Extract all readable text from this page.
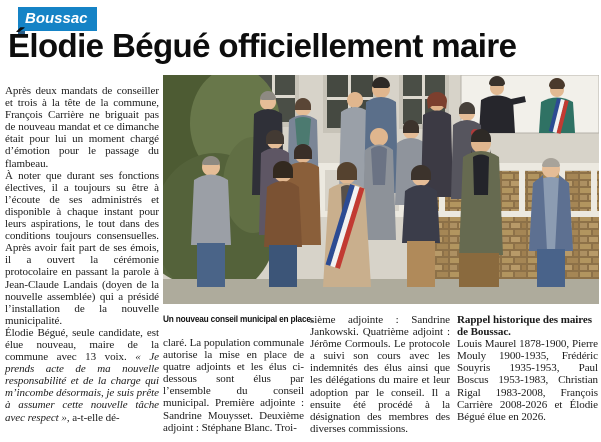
Boussac
Élodie Bégué officiellement maire

Après deux mandats de conseiller et trois à la tête de la commune, François Carrière ne briguait pas de nouveau mandat et ce dimanche était pour lui un moment chargé d’émotion pour le passage du flambeau.

À noter que durant ses fonctions électives, il a toujours su être à l’écoute de ses administrés et disponible à chaque instant pour leurs aspirations, le tout dans des conditions toujours consensuelles. Après avoir fait part de ses émois, il a ouvert la cérémonie protocolaire en passant la parole à Jean-Claude Landais (doyen de la nouvelle assemblée) qui a présidé l’installation de la nouvelle municipalité.

Élodie Bégué, seule candidate, est élue nouveau, maire de la commune avec 13 voix. « Je prends acte de ma nouvelle responsabilité et de la charge qui m’incombe désormais, je suis prête à assumer cette nouvelle tâche avec respect », a-t-elle dé-

Un nouveau conseil municipal en place.

claré. La population communale autorise la mise en place de quatre adjoints et les élus ci-dessous sont élus par l’ensemble du conseil municipal. Première adjointe : Sandrine Mouysset. Deuxième adjoint : Stéphane Blanc. Troi-

sième adjointe : Sandrine Jankowski. Quatrième adjoint : Jérôme Cormouls. Le protocole a suivi son cours avec les indemnités des élus ainsi que les délégations du maire et leur adoption par le conseil. Il a ensuite été procédé à la désignation des membres des diverses commissions.

Rappel historique des maires de Boussac.

Louis Maurel 1878-1900, Pierre Mouly 1900-1935, Frédéric Souyris 1935-1953, Paul Boscus 1953-1983, Christian Rigal 1983-2008, François Carrière 2008-2026 et Élodie Bégué élue en 2026.
